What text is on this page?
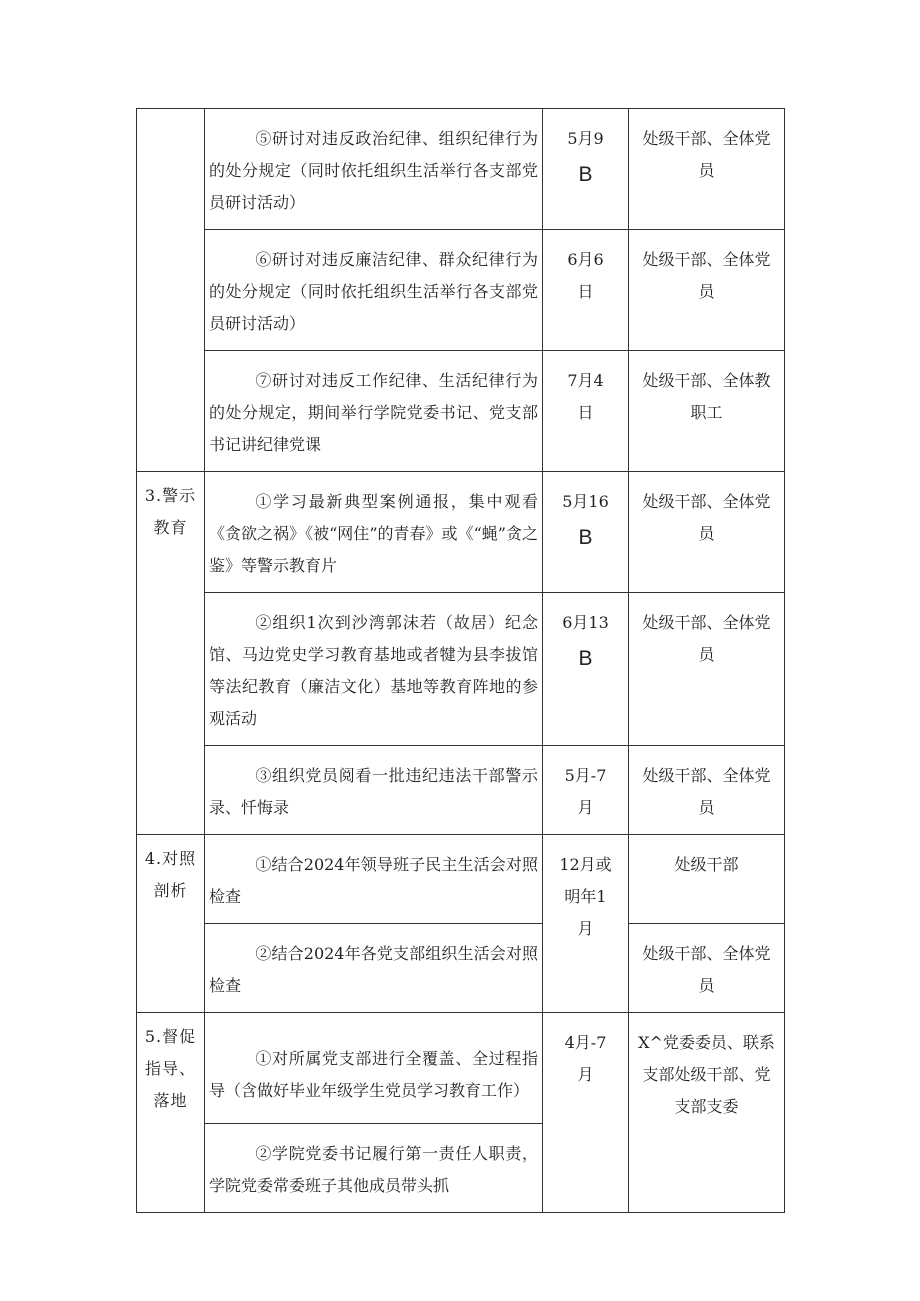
	⑤研讨对违反政治纪律、组织纪律行为的处分规定（同时依托组织生活举行各支部党员研讨活动）	5月9
B	处级干部、全体党
员

	⑥研讨对违反廉洁纪律、群众纪律行为的处分规定（同时依托组织生活举行各支部党员研讨活动）	6月6
日	处级干部、全体党
员

	⑦研讨对违反工作纪律、生活纪律行为的处分规定，期间举行学院党委书记、党支部书记讲纪律党课	7月4
日	处级干部、全体教
职工

3.警示
教育	①学习最新典型案例通报，集中观看《贪欲之祸》《被“网住”的青春》或《“蝇”贪之鉴》等警示教育片	5月16
B	处级干部、全体党
员

	②组织1次到沙湾郭沫若（故居）纪念馆、马边党史学习教育基地或者犍为县李拔馆等法纪教育（廉洁文化）基地等教育阵地的参观活动	6月13
B	处级干部、全体党
员

	③组织党员阅看一批违纪违法干部警示录、忏悔录	5月-7
月	处级干部、全体党
员

4.对照
剖析	①结合2024年领导班子民主生活会对照检查	12月或
明年1
月	处级干部

	②结合2024年各党支部组织生活会对照检查		处级干部、全体党
员

5.督促
指导、
落地	①对所属党支部进行全覆盖、全过程指导（含做好毕业年级学生党员学习教育工作）	4月-7
月	X^党委委员、联系
支部处级干部、党
支部支委

	②学院党委书记履行第一责任人职责，学院党委常委班子其他成员带头抓		
